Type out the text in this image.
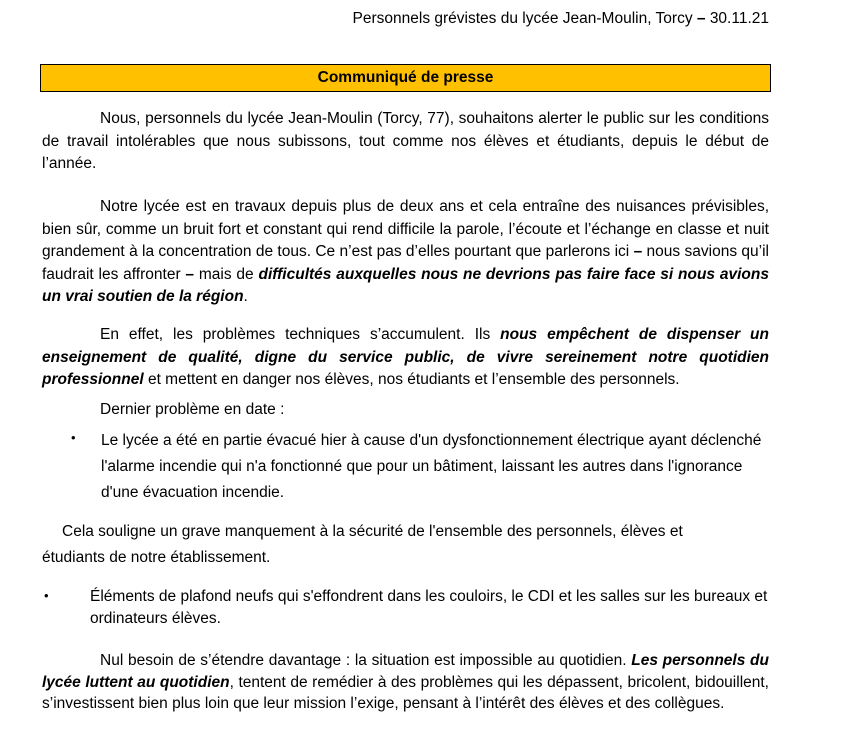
Personnels grévistes du lycée Jean-Moulin, Torcy – 30.11.21
Communiqué de presse
Nous, personnels du lycée Jean-Moulin (Torcy, 77), souhaitons alerter le public sur les conditions de travail intolérables que nous subissons, tout comme nos élèves et étudiants, depuis le début de l’année.
Notre lycée est en travaux depuis plus de deux ans et cela entraîne des nuisances prévisibles, bien sûr, comme un bruit fort et constant qui rend difficile la parole, l’écoute et l’échange en classe et nuit grandement à la concentration de tous. Ce n’est pas d’elles pourtant que parlerons ici – nous savions qu’il faudrait les affronter – mais de difficultés auxquelles nous ne devrions pas faire face si nous avions un vrai soutien de la région.
En effet, les problèmes techniques s’accumulent. Ils nous empêchent de dispenser un enseignement de qualité, digne du service public, de vivre sereinement notre quotidien professionnel et mettent en danger nos élèves, nos étudiants et l’ensemble des personnels.
Dernier problème en date :
• Le lycée a été en partie évacué hier à cause d'un dysfonctionnement électrique ayant déclenché l'alarme incendie qui n'a fonctionné que pour un bâtiment, laissant les autres dans l'ignorance d'une évacuation incendie.
Cela souligne un grave manquement à la sécurité de l'ensemble des personnels, élèves et étudiants de notre établissement.
•	Éléments de plafond neufs qui s'effondrent dans les couloirs, le CDI et les salles sur les bureaux et ordinateurs élèves.
Nul besoin de s’étendre davantage : la situation est impossible au quotidien. Les personnels du lycée luttent au quotidien, tentent de remédier à des problèmes qui les dépassent, bricolent, bidouillent, s’investissent bien plus loin que leur mission l’exige, pensant à l’intérêt des élèves et des collègues.
